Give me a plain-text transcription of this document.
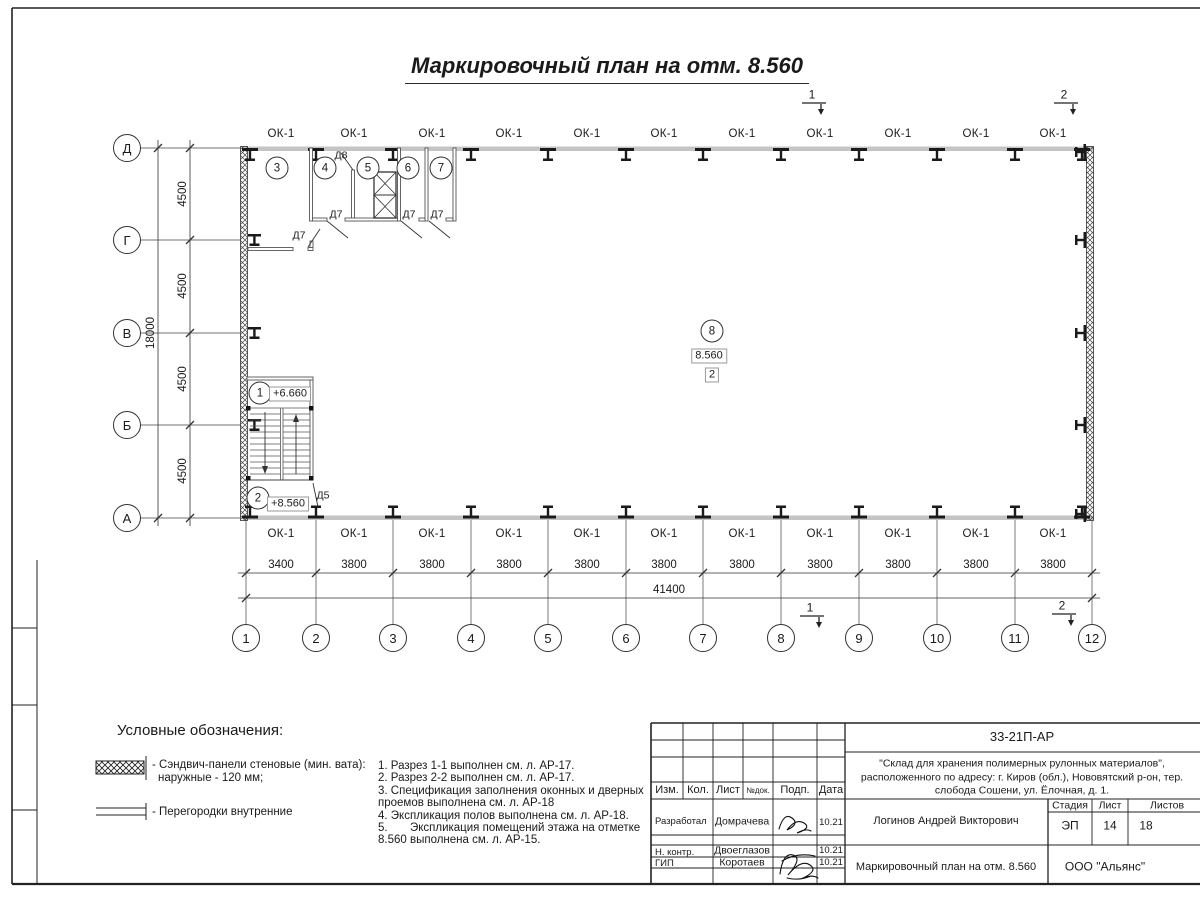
Маркировочный план на отм. 8.560
ОК-1	ОК-1	ОК-1	ОК-1	ОК-1	ОК-1	ОК-1	ОК-1	ОК-1	ОК-1	ОК-1
ОК-1	ОК-1	ОК-1	ОК-1	ОК-1	ОК-1	ОК-1	ОК-1	ОК-1	ОК-1	ОК-1
3400	3800	3800	3800	3800	3800	3800	3800	3800	3800	3800
41400
4500
4500
4500
4500
18000
1	2	3	4	5	6	7	8	9	10	11	12
Д
Г
В
Б
А
3	4	5	6	7
8
1
2
+6.660
+8.560
8.560
2
Д7
Д7	Д7 Д7
Д8
Д5
1	2
1	2
Условные обозначения:
- Сэндвич-панели стеновые (мин. вата):
наружные - 120 мм;
- Перегородки внутренние
1. Разрез 1-1 выполнен см. л. АР-17.
2. Разрез 2-2 выполнен см. л. АР-17.
3. Спецификация заполнения оконных и дверных
проемов выполнена см. л. АР-18
4. Экспликация полов выполнена см. л. АР-18.
5.       Экспликация помещений этажа на отметке
8.560 выполнена см. л. АР-15.
33-21П-АР
"Склад для хранения полимерных рулонных материалов",
расположенного по адресу: г. Киров (обл.), Нововятский р-он, тер.
слобода Сошени, ул. Ёлочная, д. 1.
Изм. Кол. Лист №док. Подп. Дата
Разработал Домрачева	10.21
Н. контр. Двоеглазов	10.21
ГИП	Коротаев	10.21
Логинов Андрей Викторович
Маркировочный план на отм. 8.560
Стадия Лист	Листов
ЭП 14 18
ООО "Альянс"
